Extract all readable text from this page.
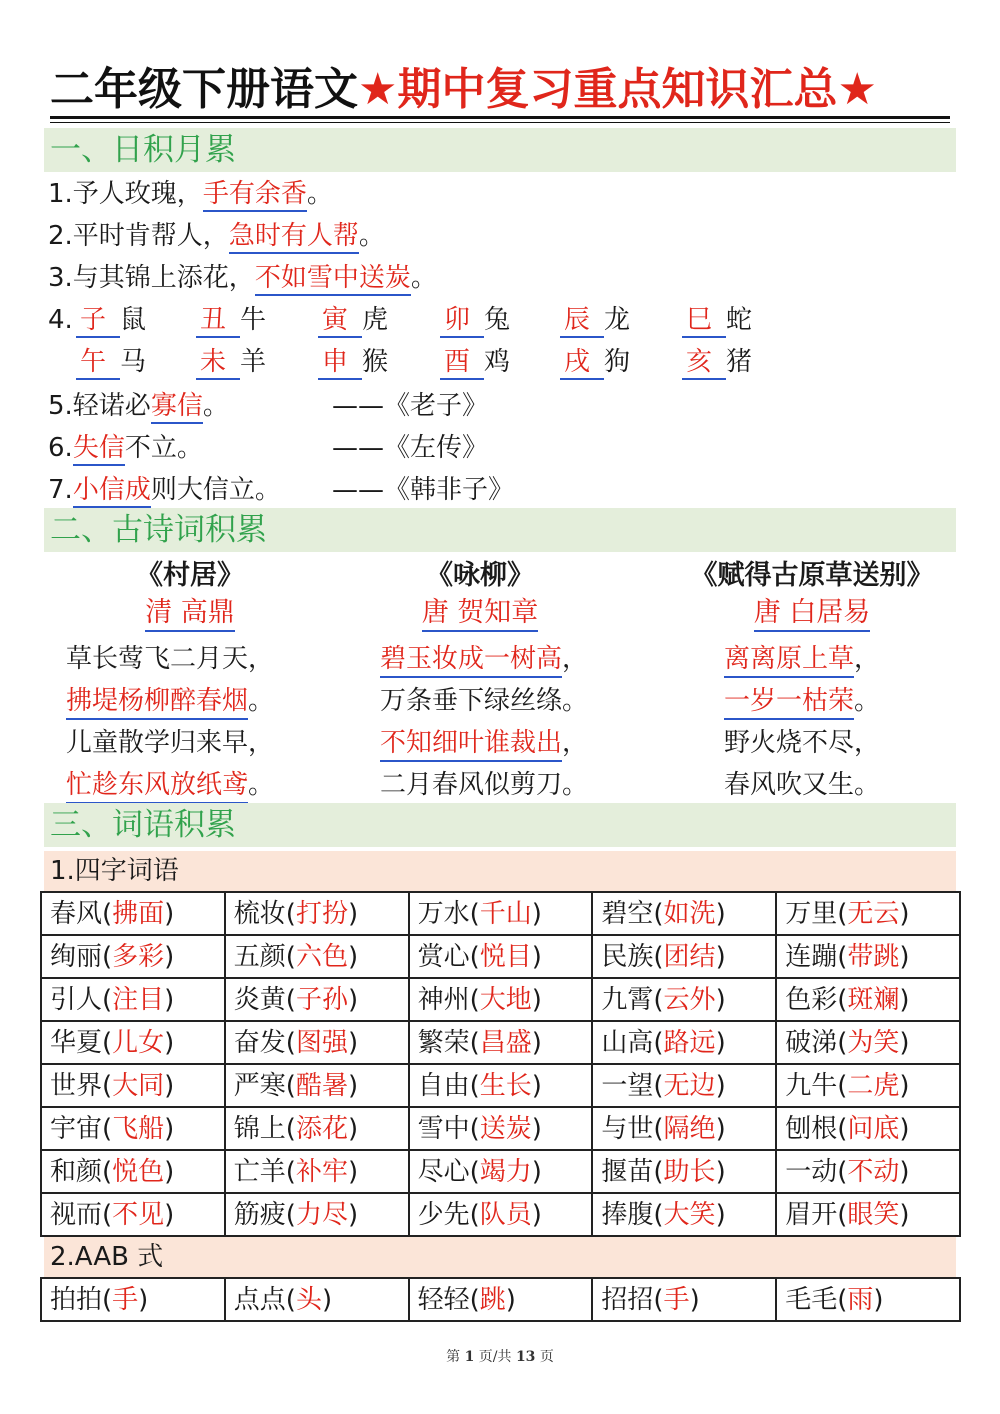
二年级下册语文★期中复习重点知识汇总★
一、日积月累
1.予人玫瑰，手有余香。
2.平时肯帮人，急时有人帮。
3.与其锦上添花，不如雪中送炭。
4. 子 鼠 丑 牛 寅 虎 卯 兔 辰 龙 巳 蛇
午 马 未 羊 申 猴 酉 鸡 戌 狗 亥 猪
5.轻诺必寡信。	——《老子》
6.失信不立。	——《左传》
7.小信成则大信立。 ——《韩非子》
二、古诗词积累
《村居》
清 高鼎
草长莺飞二月天，
拂堤杨柳醉春烟。
儿童散学归来早，
忙趁东风放纸鸢。
《咏柳》
唐 贺知章
碧玉妆成一树高，
万条垂下绿丝绦。
不知细叶谁裁出，
二月春风似剪刀。
《赋得古原草送别》
唐 白居易
离离原上草，
一岁一枯荣。
野火烧不尽，
春风吹又生。
三、词语积累
1.四字词语
春风(拂面)	梳妆(打扮)	万水(千山)	碧空(如洗)	万里(无云)
绚丽(多彩)	五颜(六色)	赏心(悦目)	民族(团结)	连蹦(带跳)
引人(注目)	炎黄(子孙)	神州(大地)	九霄(云外)	色彩(斑斓)
华夏(儿女)	奋发(图强)	繁荣(昌盛)	山高(路远)	破涕(为笑)
世界(大同)	严寒(酷暑)	自由(生长)	一望(无边)	九牛(二虎)
宇宙(飞船)	锦上(添花)	雪中(送炭)	与世(隔绝)	刨根(问底)
和颜(悦色)	亡羊(补牢)	尽心(竭力)	揠苗(助长)	一动(不动)
视而(不见)	筋疲(力尽)	少先(队员)	捧腹(大笑)	眉开(眼笑)
2.AAB 式
拍拍(手)	点点(头)	轻轻(跳)	招招(手)	毛毛(雨)
第 1 页/共 13 页
